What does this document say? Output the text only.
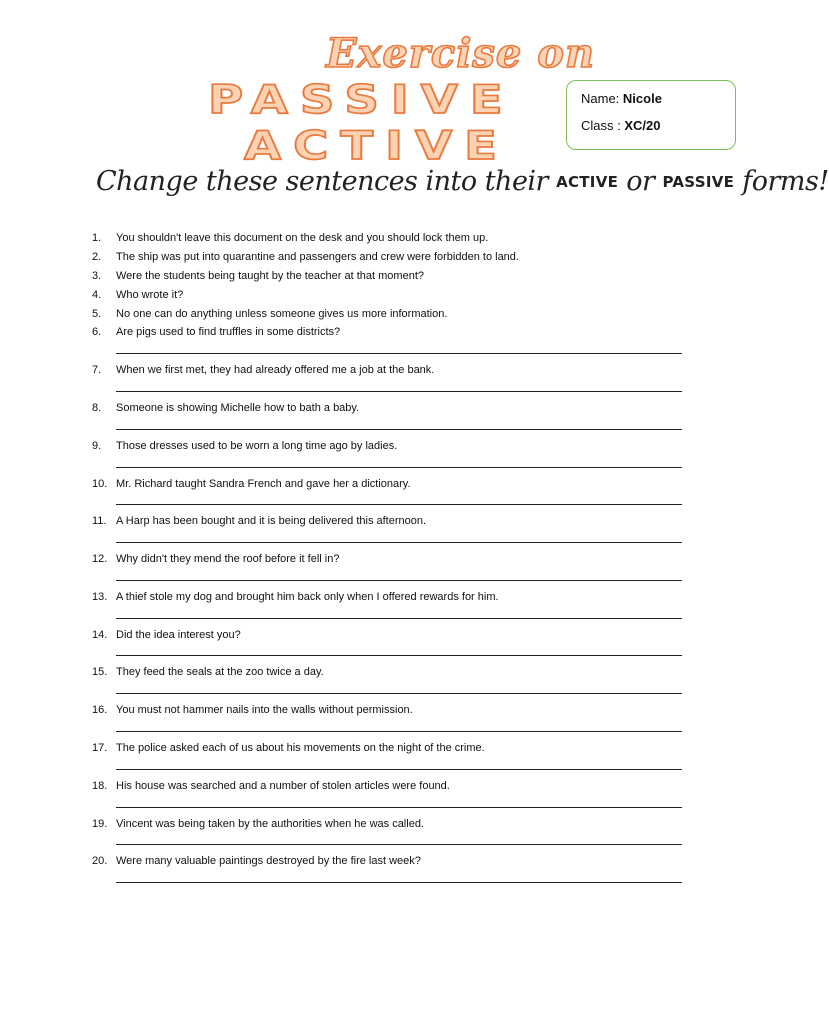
Exercise on
PASSIVE
ACTIVE
Name: Nicole
Class : XC/20
Change these sentences into their ACTIVE or PASSIVE forms!
1.	You shouldn't leave this document on the desk and you should lock them up.
2.	The ship was put into quarantine and passengers and crew were forbidden to land.
3.	Were the students being taught by the teacher at that moment?
4.	Who wrote it?
5.	No one can do anything unless someone gives us more information.
6.	Are pigs used to find truffles in some districts?
7.	When we first met, they had already offered me a job at the bank.
8.	Someone is showing Michelle how to bath a baby.
9.	Those dresses used to be worn a long time ago by ladies.
10. Mr. Richard taught Sandra French and gave her a dictionary.
11. A Harp has been bought and it is being delivered this afternoon.
12. Why didn't they mend the roof before it fell in?
13. A thief stole my dog and brought him back only when I offered rewards for him.
14. Did the idea interest you?
15. They feed the seals at the zoo twice a day.
16. You must not hammer nails into the walls without permission.
17. The police asked each of us about his movements on the night of the crime.
18. His house was searched and a number of stolen articles were found.
19. Vincent was being taken by the authorities when he was called.
20. Were many valuable paintings destroyed by the fire last week?
